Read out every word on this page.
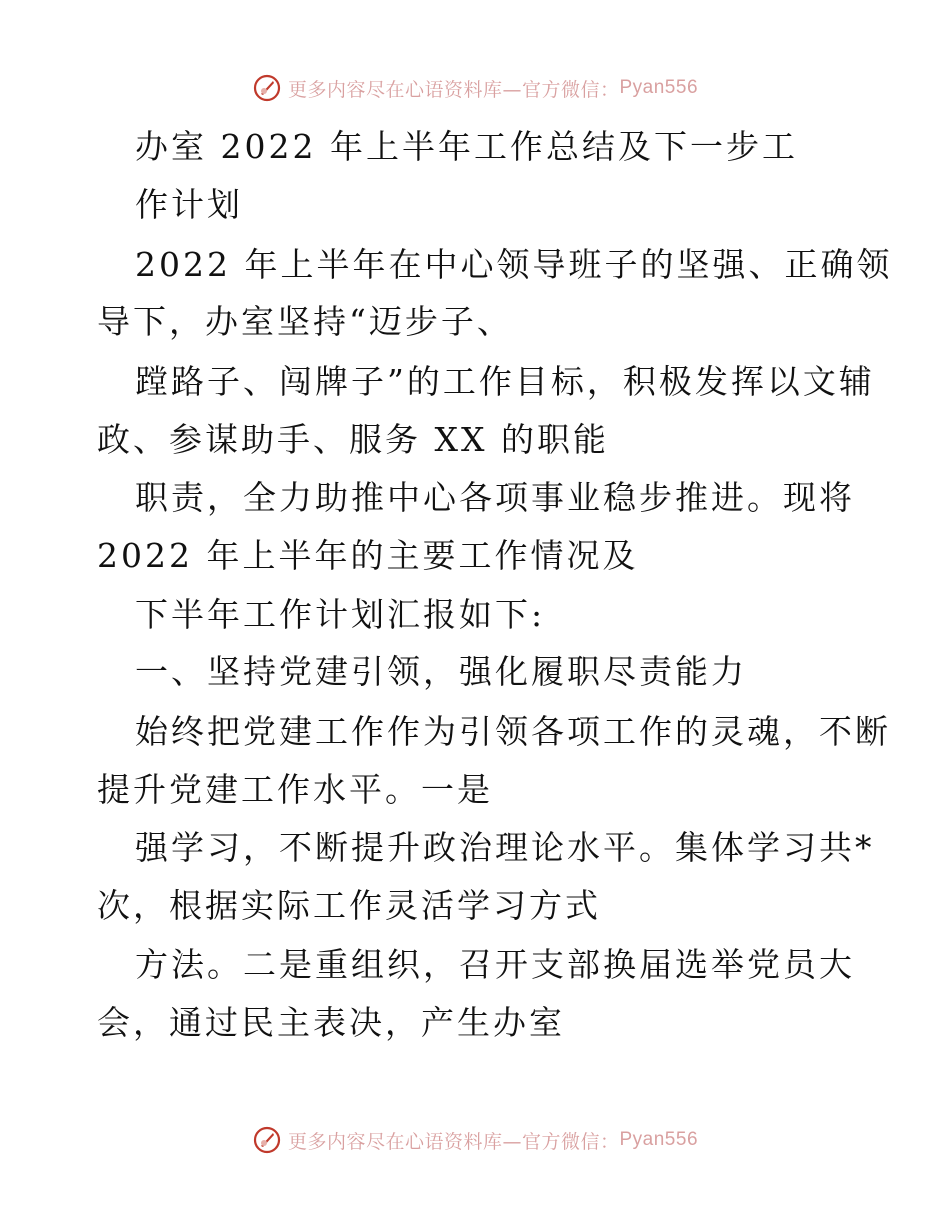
更多内容尽在心语资料库—官方微信： Pyan556
办室 2022 年上半年工作总结及下一步工
作计划
2022 年上半年在中心领导班子的坚强、正确领
导下，办室坚持“迈步子、
蹚路子、闯牌子”的工作目标，积极发挥以文辅
政、参谋助手、服务 XX 的职能
职责，全力助推中心各项事业稳步推进。现将
2022 年上半年的主要工作情况及
下半年工作计划汇报如下:
一、坚持党建引领，强化履职尽责能力
始终把党建工作作为引领各项工作的灵魂，不断
提升党建工作水平。一是
强学习，不断提升政治理论水平。集体学习共*
次，根据实际工作灵活学习方式
方法。二是重组织，召开支部换届选举党员大
会，通过民主表决，产生办室
更多内容尽在心语资料库—官方微信： Pyan556
